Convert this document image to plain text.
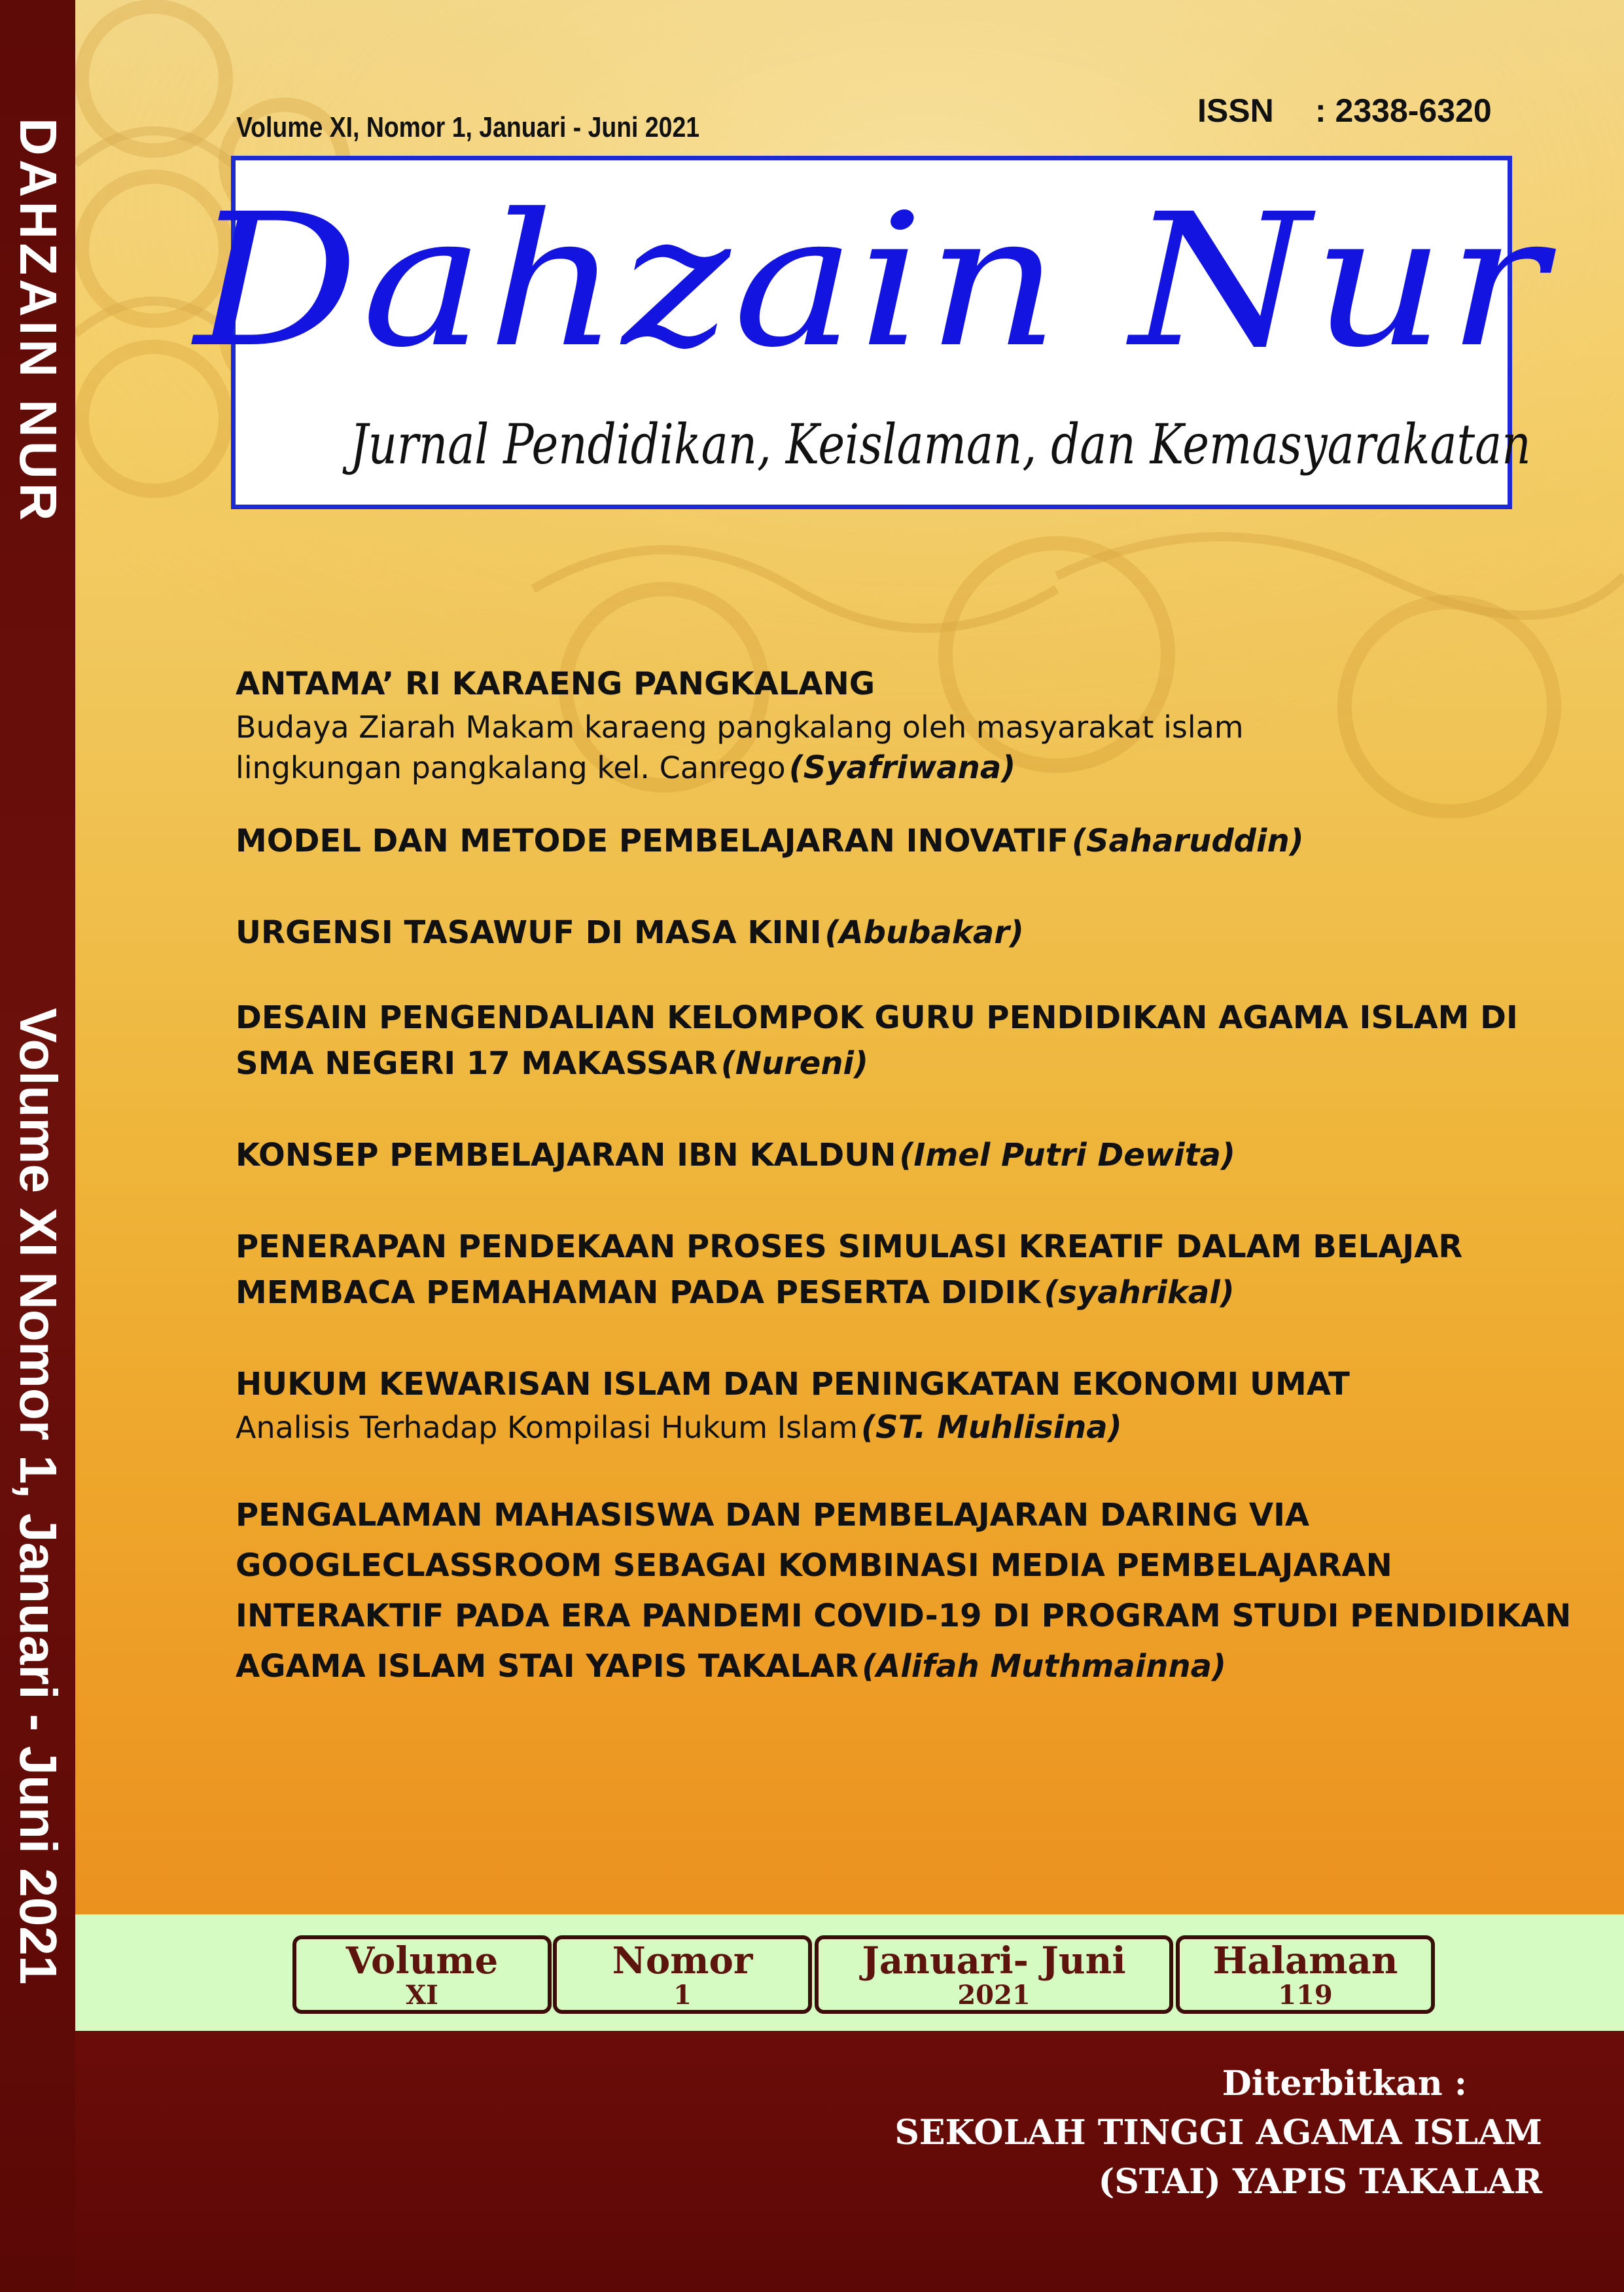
DAHZAIN NUR
Volume XI Nomor 1, Januari - Juni 2021
Volume XI, Nomor 1, Januari - Juni 2021	ISSN : 2338-6320
Dahzain Nur
Jurnal Pendidikan, Keislaman, dan Kemasyarakatan
ANTAMA’ RI KARAENG PANGKALANG
Budaya Ziarah Makam karaeng pangkalang oleh masyarakat islam
lingkungan pangkalang kel. Canrego (Syafriwana)
MODEL DAN METODE PEMBELAJARAN INOVATIF (Saharuddin)
URGENSI TASAWUF DI MASA KINI (Abubakar)
DESAIN PENGENDALIAN KELOMPOK GURU PENDIDIKAN AGAMA ISLAM DI
SMA NEGERI 17 MAKASSAR (Nureni)
KONSEP PEMBELAJARAN IBN KALDUN (Imel Putri Dewita)
PENERAPAN PENDEKAAN PROSES SIMULASI KREATIF DALAM BELAJAR
MEMBACA PEMAHAMAN PADA PESERTA DIDIK (syahrikal)
HUKUM KEWARISAN ISLAM DAN PENINGKATAN EKONOMI UMAT
Analisis Terhadap Kompilasi Hukum Islam (ST. Muhlisina)
PENGALAMAN MAHASISWA DAN PEMBELAJARAN DARING VIA
GOOGLECLASSROOM SEBAGAI KOMBINASI MEDIA PEMBELAJARAN
INTERAKTIF PADA ERA PANDEMI COVID-19 DI PROGRAM STUDI PENDIDIKAN
AGAMA ISLAM STAI YAPIS TAKALAR (Alifah Muthmainna)
Volume
XI
Nomor
1
Januari- Juni
2021
Halaman
119
Diterbitkan :
SEKOLAH TINGGI AGAMA ISLAM
(STAI) YAPIS TAKALAR
